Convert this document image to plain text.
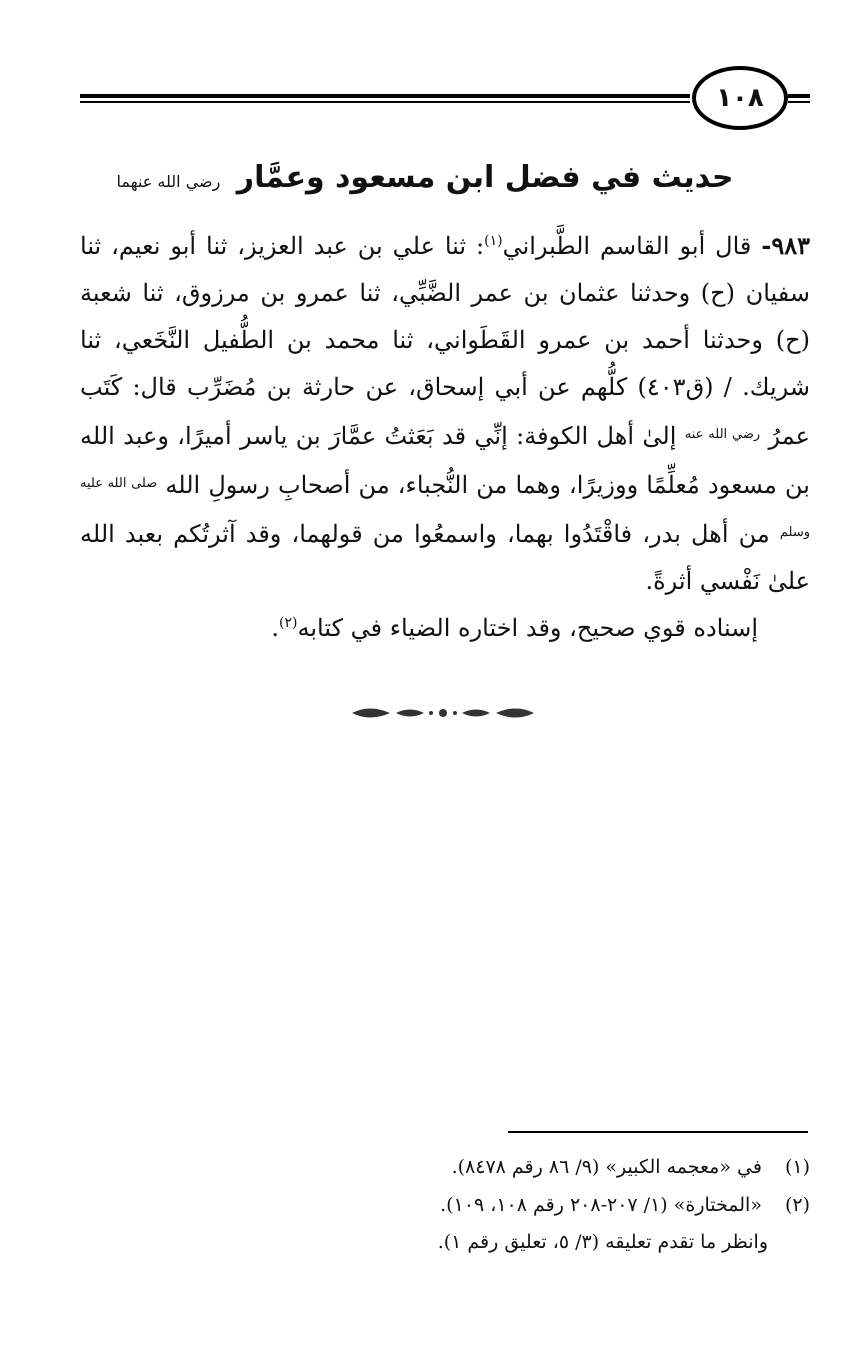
١٠٨
حديث في فضل ابن مسعود وعمَّار رضي الله عنهما

٩٨٣- قال أبو القاسم الطَّبراني$^{(١)}$: ثنا علي بن عبد العزيز، ثنا أبو نعيم، ثنا سفيان (ح) وحدثنا عثمان بن عمر الضَّبِّي، ثنا عمرو بن مرزوق، ثنا شعبة (ح) وحدثنا أحمد بن عمرو القَطَواني، ثنا محمد بن الطُّفيل النَّخَعي، ثنا شريك. / (ق٤٠٣) كلُّهم عن أبي إسحاق، عن حارثة بن مُضَرِّب قال: كَتَب عمرُ $^{رضي الله عنه}$ إلىٰ أهل الكوفة: إنِّي قد بَعَثتُ عمَّارَ بن ياسر أميرًا، وعبد الله بن مسعود مُعلِّمًا ووزيرًا، وهما من النُّجباء، من أصحابِ رسولِ الله $^{صلى الله عليه وسلم}$ من أهل بدر، فاقْتَدُوا بهما، واسمعُوا من قولهما، وقد آثرتُكم بعبد الله علىٰ نَفْسي أثرةً.

إسناده قوي صحيح، وقد اختاره الضياء في كتابه$^{(٢)}$.

(١) في «معجمه الكبير» (٩/ ٨٦ رقم ٨٤٧٨).
(٢) «المختارة» (١/ ٢٠٧-٢٠٨ رقم ١٠٨، ١٠٩).
وانظر ما تقدم تعليقه (٣/ ٥، تعليق رقم ١).
